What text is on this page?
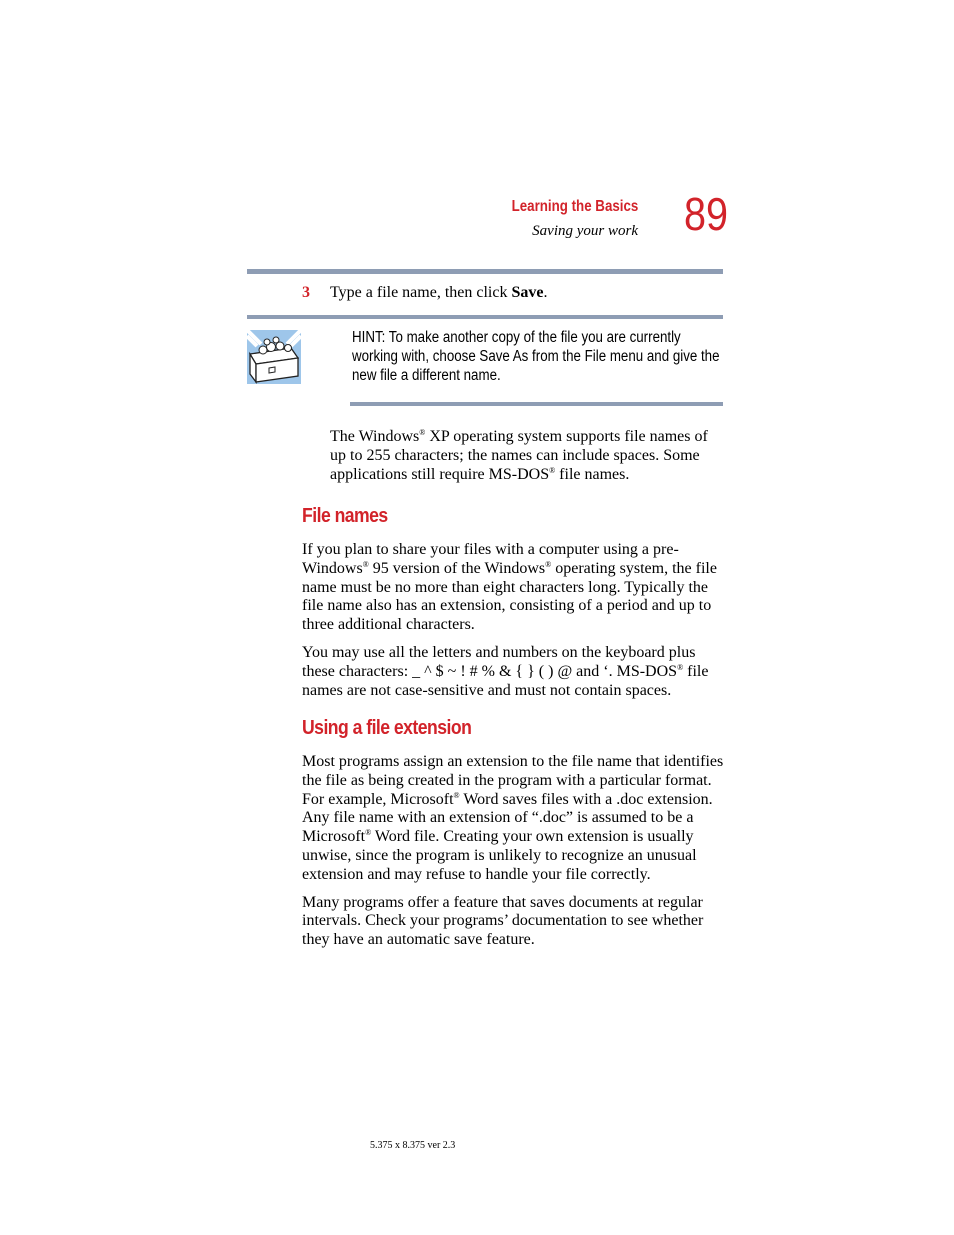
Learning the Basics
Saving your work 89
3 Type a file name, then click Save.
HINT: To make another copy of the file you are currently working with, choose Save As from the File menu and give the new file a different name.

The Windows® XP operating system supports file names of up to 255 characters; the names can include spaces. Some applications still require MS-DOS® file names.

File names

If you plan to share your files with a computer using a pre-Windows® 95 version of the Windows® operating system, the file name must be no more than eight characters long. Typically the file name also has an extension, consisting of a period and up to three additional characters.

You may use all the letters and numbers on the keyboard plus these characters: _ ^ $ ~ ! # % & { } ( ) @ and ‘. MS-DOS® file names are not case-sensitive and must not contain spaces.

Using a file extension

Most programs assign an extension to the file name that identifies the file as being created in the program with a particular format. For example, Microsoft® Word saves files with a .doc extension. Any file name with an extension of “.doc” is assumed to be a Microsoft® Word file. Creating your own extension is usually unwise, since the program is unlikely to recognize an unusual extension and may refuse to handle your file correctly.

Many programs offer a feature that saves documents at regular intervals. Check your programs’ documentation to see whether they have an automatic save feature.

5.375 x 8.375 ver 2.3
